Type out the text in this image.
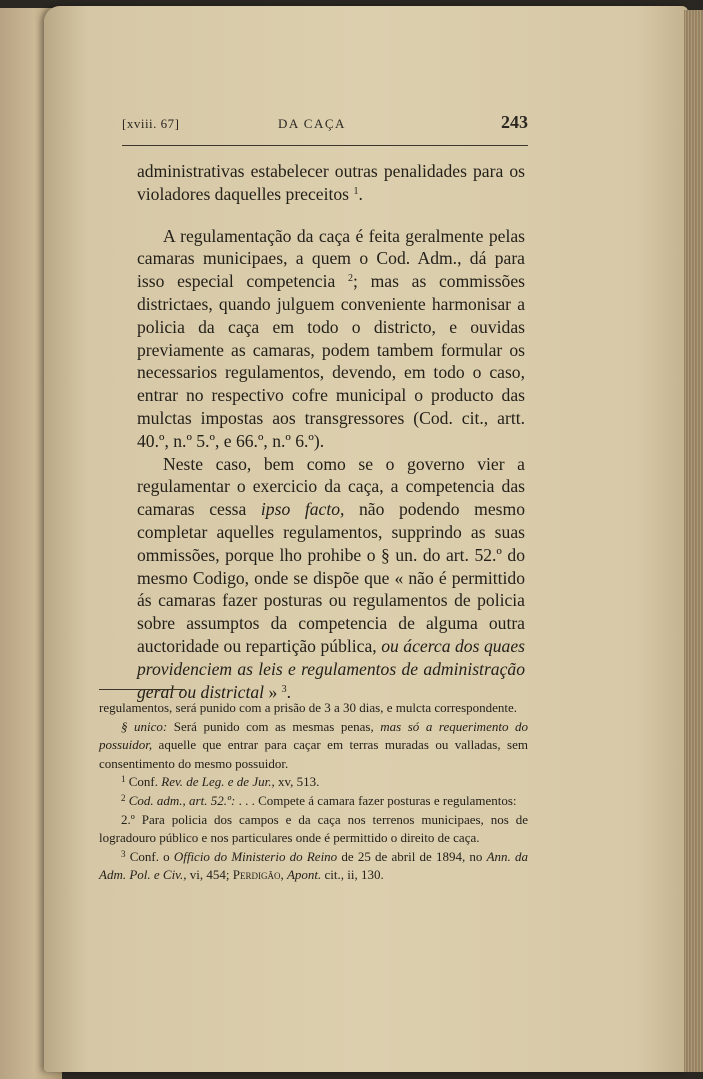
[xviii. 67]	DA CAÇA	243

administrativas estabelecer outras penalidades para os violadores daquelles preceitos $^1$.

A regulamentação da caça é feita geralmente pelas camaras municipaes, a quem o Cod. Adm., dá para isso especial competencia $^2$; mas as commissões districtaes, quando julguem conveniente harmonisar a policia da caça em todo o districto, e ouvidas previamente as camaras, podem tambem formular os necessarios regulamentos, devendo, em todo o caso, entrar no respectivo cofre municipal o producto das mulctas impostas aos transgressores (Cod. cit., artt. 40.º, n.º 5.º, e 66.º, n.º 6.º).

Neste caso, bem como se o governo vier a regulamentar o exercicio da caça, a competencia das camaras cessa ipso facto, não podendo mesmo completar aquelles regulamentos, supprindo as suas ommissões, porque lho prohibe o § un. do art. 52.º do mesmo Codigo, onde se dispõe que « não é permittido ás camaras fazer posturas ou regulamentos de policia sobre assumptos da competencia de alguma outra auctoridade ou repartição pública, ou ácerca dos quaes providenciem as leis e regulamentos de administração geral ou districtal » $^3$.

regulamentos, será punido com a prisão de 3 a 30 dias, e mulcta correspondente.

§ unico: Será punido com as mesmas penas, mas só a requerimento do possuidor, aquelle que entrar para caçar em terras muradas ou valladas, sem consentimento do mesmo possuidor.

$^1$ Conf. Rev. de Leg. e de Jur., xv, 513.

$^2$ Cod. adm., art. 52.º: . . . Compete á camara fazer posturas e regulamentos:

2.º Para policia dos campos e da caça nos terrenos municipaes, nos de logradouro público e nos particulares onde é permittido o direito de caça.

$^3$ Conf. o Officio do Ministerio do Reino de 25 de abril de 1894, no Ann. da Adm. Pol. e Civ., vi, 454; Perdigão, Apont. cit., ii, 130.
